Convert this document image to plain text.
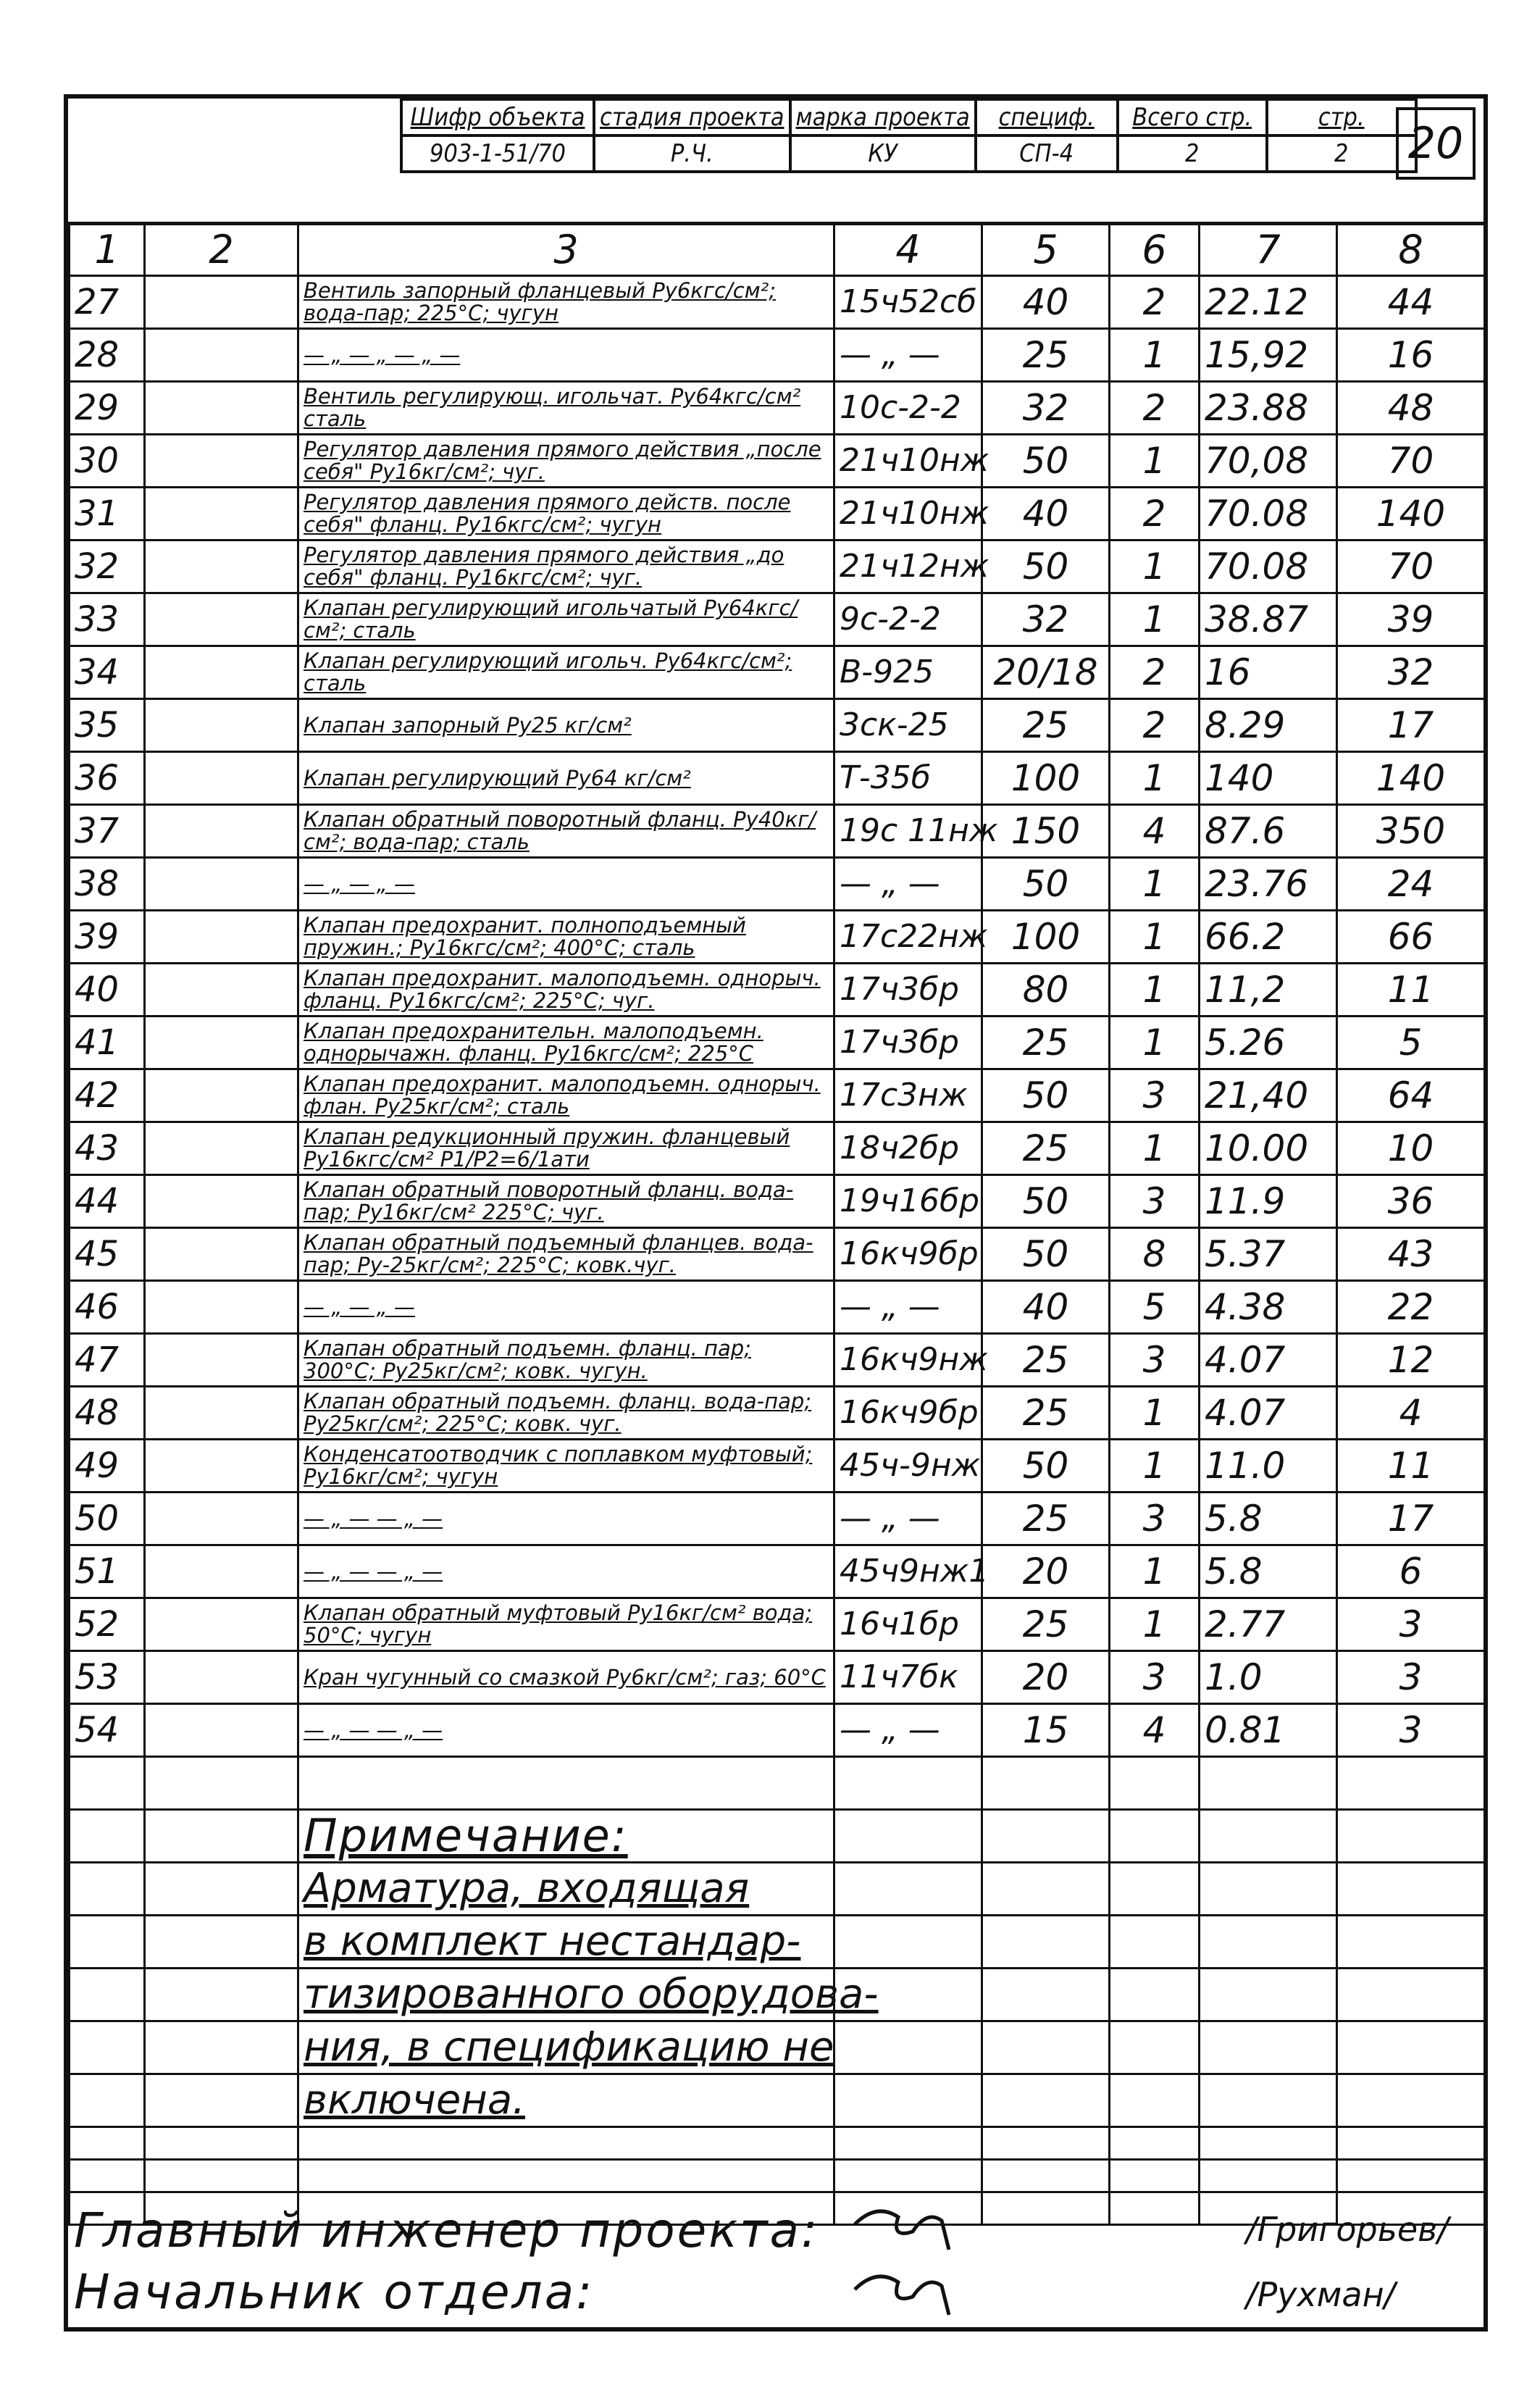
Шифр объекта	стадия проекта	марка проекта	специф.	Всего стр.	стр.
903-1-51/70	Р.Ч.	КУ	СП-4	2	2 20
1	2	3	4	5	6	7	8
27		Вентиль запорный фланцевый Ру6кгс/см²; вода-пар; 225°С; чугун	15ч52сб	40	2	22.12	44
28		— „ — „ — „ —	— „ —	25	1	15,92	16
29		Вентиль регулирующ. игольчат. Ру64кгс/см² сталь	10с-2-2	32	2	23.88	48
30		Регулятор давления прямого действия „после себя" Ру16кг/см²; чуг.	21ч10нж	50	1	70,08	70
31		Регулятор давления прямого действ. после себя" фланц. Ру16кгс/см²; чугун	21ч10нж	40	2	70.08	140
32		Регулятор давления прямого действия „до себя" фланц. Ру16кгс/см²; чуг.	21ч12нж	50	1	70.08	70
33		Клапан регулирующий игольчатый Ру64кгс/см²; сталь	9с-2-2	32	1	38.87	39
34		Клапан регулирующий игольч. Ру64кгс/см²; сталь	В-925	20/18	2	16	32
35		Клапан запорный Ру25 кг/см²	3ск-25	25	2	8.29	17
36		Клапан регулирующий Ру64 кг/см²	Т-35б	100	1	140	140
37		Клапан обратный поворотный фланц. Ру40кг/см²; вода-пар; сталь	19с 11нж	150	4	87.6	350
38		— „ — „ —	— „ —	50	1	23.76	24
39		Клапан предохранит. полноподъемный пружин.; Ру16кгс/см²; 400°С; сталь	17с22нж	100	1	66.2	66
40		Клапан предохранит. малоподъемн. однорыч. фланц. Ру16кгс/см²; 225°С; чуг.	17ч3бр	80	1	11,2	11
41		Клапан предохранительн. малоподъемн. однорычажн. фланц. Ру16кгс/см²; 225°С	17ч3бр	25	1	5.26	5
42		Клапан предохранит. малоподъемн. однорыч. флан. Ру25кг/см²; сталь	17с3нж	50	3	21,40	64
43		Клапан редукционный пружин. фланцевый Ру16кгс/см² Р1/Р2=6/1ати	18ч2бр	25	1	10.00	10
44		Клапан обратный поворотный фланц. вода-пар; Ру16кг/см² 225°С; чуг.	19ч16бр	50	3	11.9	36
45		Клапан обратный подъемный фланцев. вода-пар; Ру-25кг/см²; 225°С; ковк.чуг.	16кч9бр	50	8	5.37	43
46		— „ — „ —	— „ —	40	5	4.38	22
47		Клапан обратный подъемн. фланц. пар; 300°С; Ру25кг/см²; ковк. чугун.	16кч9нж	25	3	4.07	12
48		Клапан обратный подъемн. фланц. вода-пар; Ру25кг/см²; 225°С; ковк. чуг.	16кч9бр	25	1	4.07	4
49		Конденсатоотводчик с поплавком муфтовый; Ру16кг/см²; чугун	45ч-9нж	50	1	11.0	11
50		— „ — — „ —	— „ —	25	3	5.8	17
51		— „ — — „ —	45ч9нж1	20	1	5.8	6
52		Клапан обратный муфтовый Ру16кг/см² вода; 50°С; чугун	16ч1бр	25	1	2.77	3
53		Кран чугунный со смазкой Ру6кг/см²; газ; 60°С	11ч7бк	20	3	1.0	3
54		— „ — — „ —	— „ —	15	4	0.81	3

		Примечание:					
		Арматура, входящая					
		в комплект нестандар-					
		тизированного оборудова-					
		ния, в спецификацию не					
		включена.					

Главный инженер проекта:
Начальник отдела:
/Григорьев/
/Рухман/
